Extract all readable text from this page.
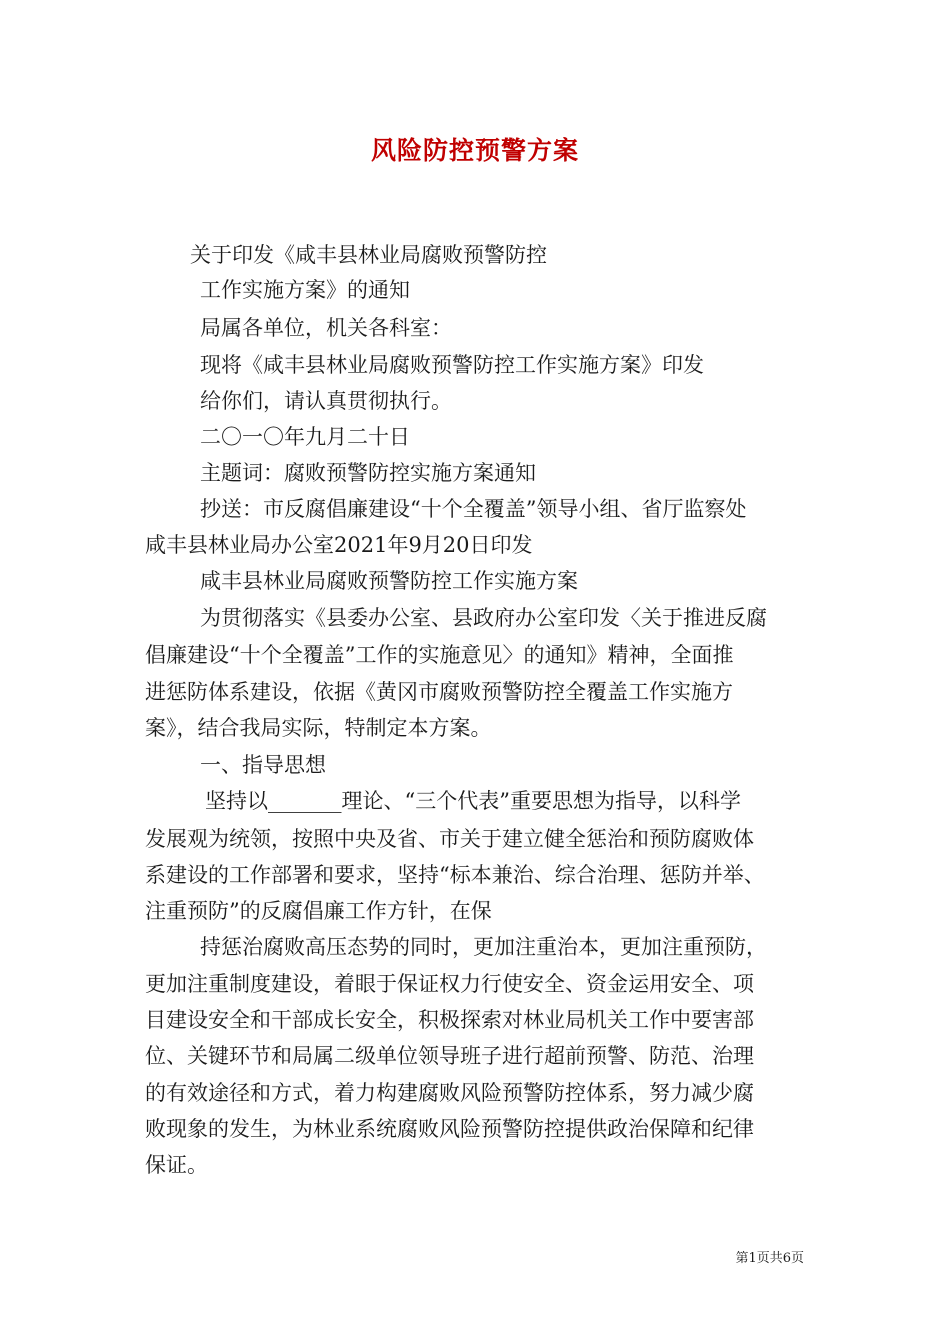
风险防控预警方案
关于印发《咸丰县林业局腐败预警防控
工作实施方案》的通知
局属各单位，机关各科室：
现将《咸丰县林业局腐败预警防控工作实施方案》印发
给你们，请认真贯彻执行。
二〇一〇年九月二十日
主题词：腐败预警防控实施方案通知
抄送：市反腐倡廉建设“十个全覆盖”领导小组、省厅监察处
咸丰县林业局办公室2021年9月20日印发
咸丰县林业局腐败预警防控工作实施方案
为贯彻落实《县委办公室、县政府办公室印发〈关于推进反腐
倡廉建设“十个全覆盖”工作的实施意见〉的通知》精神，全面推
进惩防体系建设，依据《黄冈市腐败预警防控全覆盖工作实施方
案》，结合我局实际，特制定本方案。
一、指导思想
坚持以_______理论、“三个代表”重要思想为指导，以科学
发展观为统领，按照中央及省、市关于建立健全惩治和预防腐败体
系建设的工作部署和要求，坚持“标本兼治、综合治理、惩防并举、
注重预防”的反腐倡廉工作方针，在保
持惩治腐败高压态势的同时，更加注重治本，更加注重预防，
更加注重制度建设，着眼于保证权力行使安全、资金运用安全、项
目建设安全和干部成长安全，积极探索对林业局机关工作中要害部
位、关键环节和局属二级单位领导班子进行超前预警、防范、治理
的有效途径和方式，着力构建腐败风险预警防控体系，努力减少腐
败现象的发生，为林业系统腐败风险预警防控提供政治保障和纪律
保证。
第1页共6页
